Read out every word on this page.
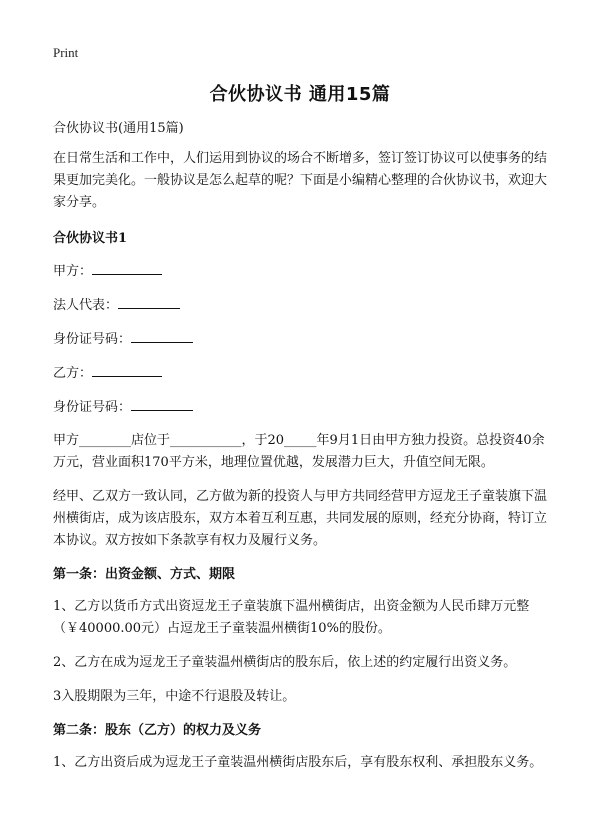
Print
合伙协议书 通用15篇

合伙协议书(通用15篇)

在日常生活和工作中，人们运用到协议的场合不断增多，签订签订协议可以使事务的结果更加完美化。一般协议是怎么起草的呢？下面是小编精心整理的合伙协议书，欢迎大家分享。

合伙协议书1

甲方：

法人代表：

身份证号码：

乙方：

身份证号码：

甲方________店位于___________，于20_____年9月1日由甲方独力投资。总投资40余万元，营业面积170平方米，地理位置优越，发展潜力巨大，升值空间无限。

经甲、乙双方一致认同，乙方做为新的投资人与甲方共同经营甲方逗龙王子童装旗下温州横街店，成为该店股东，双方本着互利互惠，共同发展的原则，经充分协商，特订立本协议。双方按如下条款享有权力及履行义务。

第一条：出资金额、方式、期限

1、乙方以货币方式出资逗龙王子童装旗下温州横街店，出资金额为人民币肆万元整（￥40000.00元）占逗龙王子童装温州横街10%的股份。

2、乙方在成为逗龙王子童装温州横街店的股东后，依上述的约定履行出资义务。

3入股期限为三年，中途不行退股及转让。

第二条：股东（乙方）的权力及义务

1、乙方出资后成为逗龙王子童装温州横街店股东后，享有股东权利、承担股东义务。
